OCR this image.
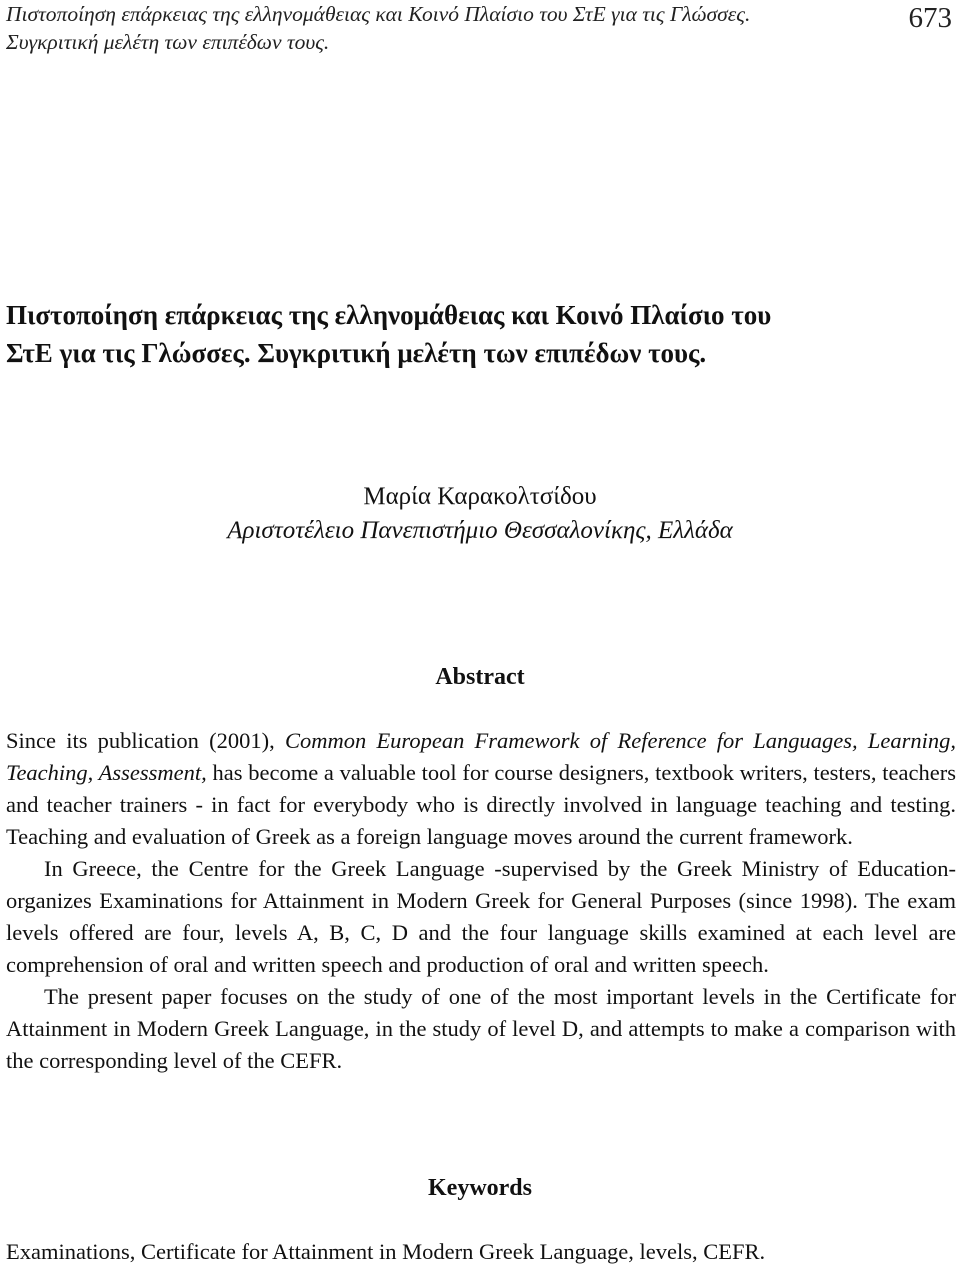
Πιστοποίηση επάρκειας της ελληνομάθειας και Κοινό Πλαίσιο του ΣτΕ για τις Γλώσσες.
Συγκριτική μελέτη των επιπέδων τους.
673
Πιστοποίηση επάρκειας της ελληνομάθειας και Κοινό Πλαίσιο του
ΣτΕ για τις Γλώσσες. Συγκριτική μελέτη των επιπέδων τους.
Μαρία Καρακολτσίδου
Αριστοτέλειο Πανεπιστήμιο Θεσσαλονίκης, Ελλάδα
Abstract

Since its publication (2001), Common European Framework of Reference for Languages, Learning, Teaching, Assessment, has become a valuable tool for course designers, textbook writers, testers, teachers and teacher trainers - in fact for everybody who is directly involved in language teaching and testing. Teaching and evaluation of Greek as a foreign language moves around the current framework.

In Greece, the Centre for the Greek Language -supervised by the Greek Ministry of Education- organizes Examinations for Attainment in Modern Greek for General Purposes (since 1998). The exam levels offered are four, levels A, B, C, D and the four language skills examined at each level are comprehension of oral and written speech and production of oral and written speech.

The present paper focuses on the study of one of the most important levels in the Certificate for Attainment in Modern Greek Language, in the study of level D, and attempts to make a comparison with the corresponding level of the CEFR.

Keywords
Examinations, Certificate for Attainment in Modern Greek Language, levels, CEFR.
